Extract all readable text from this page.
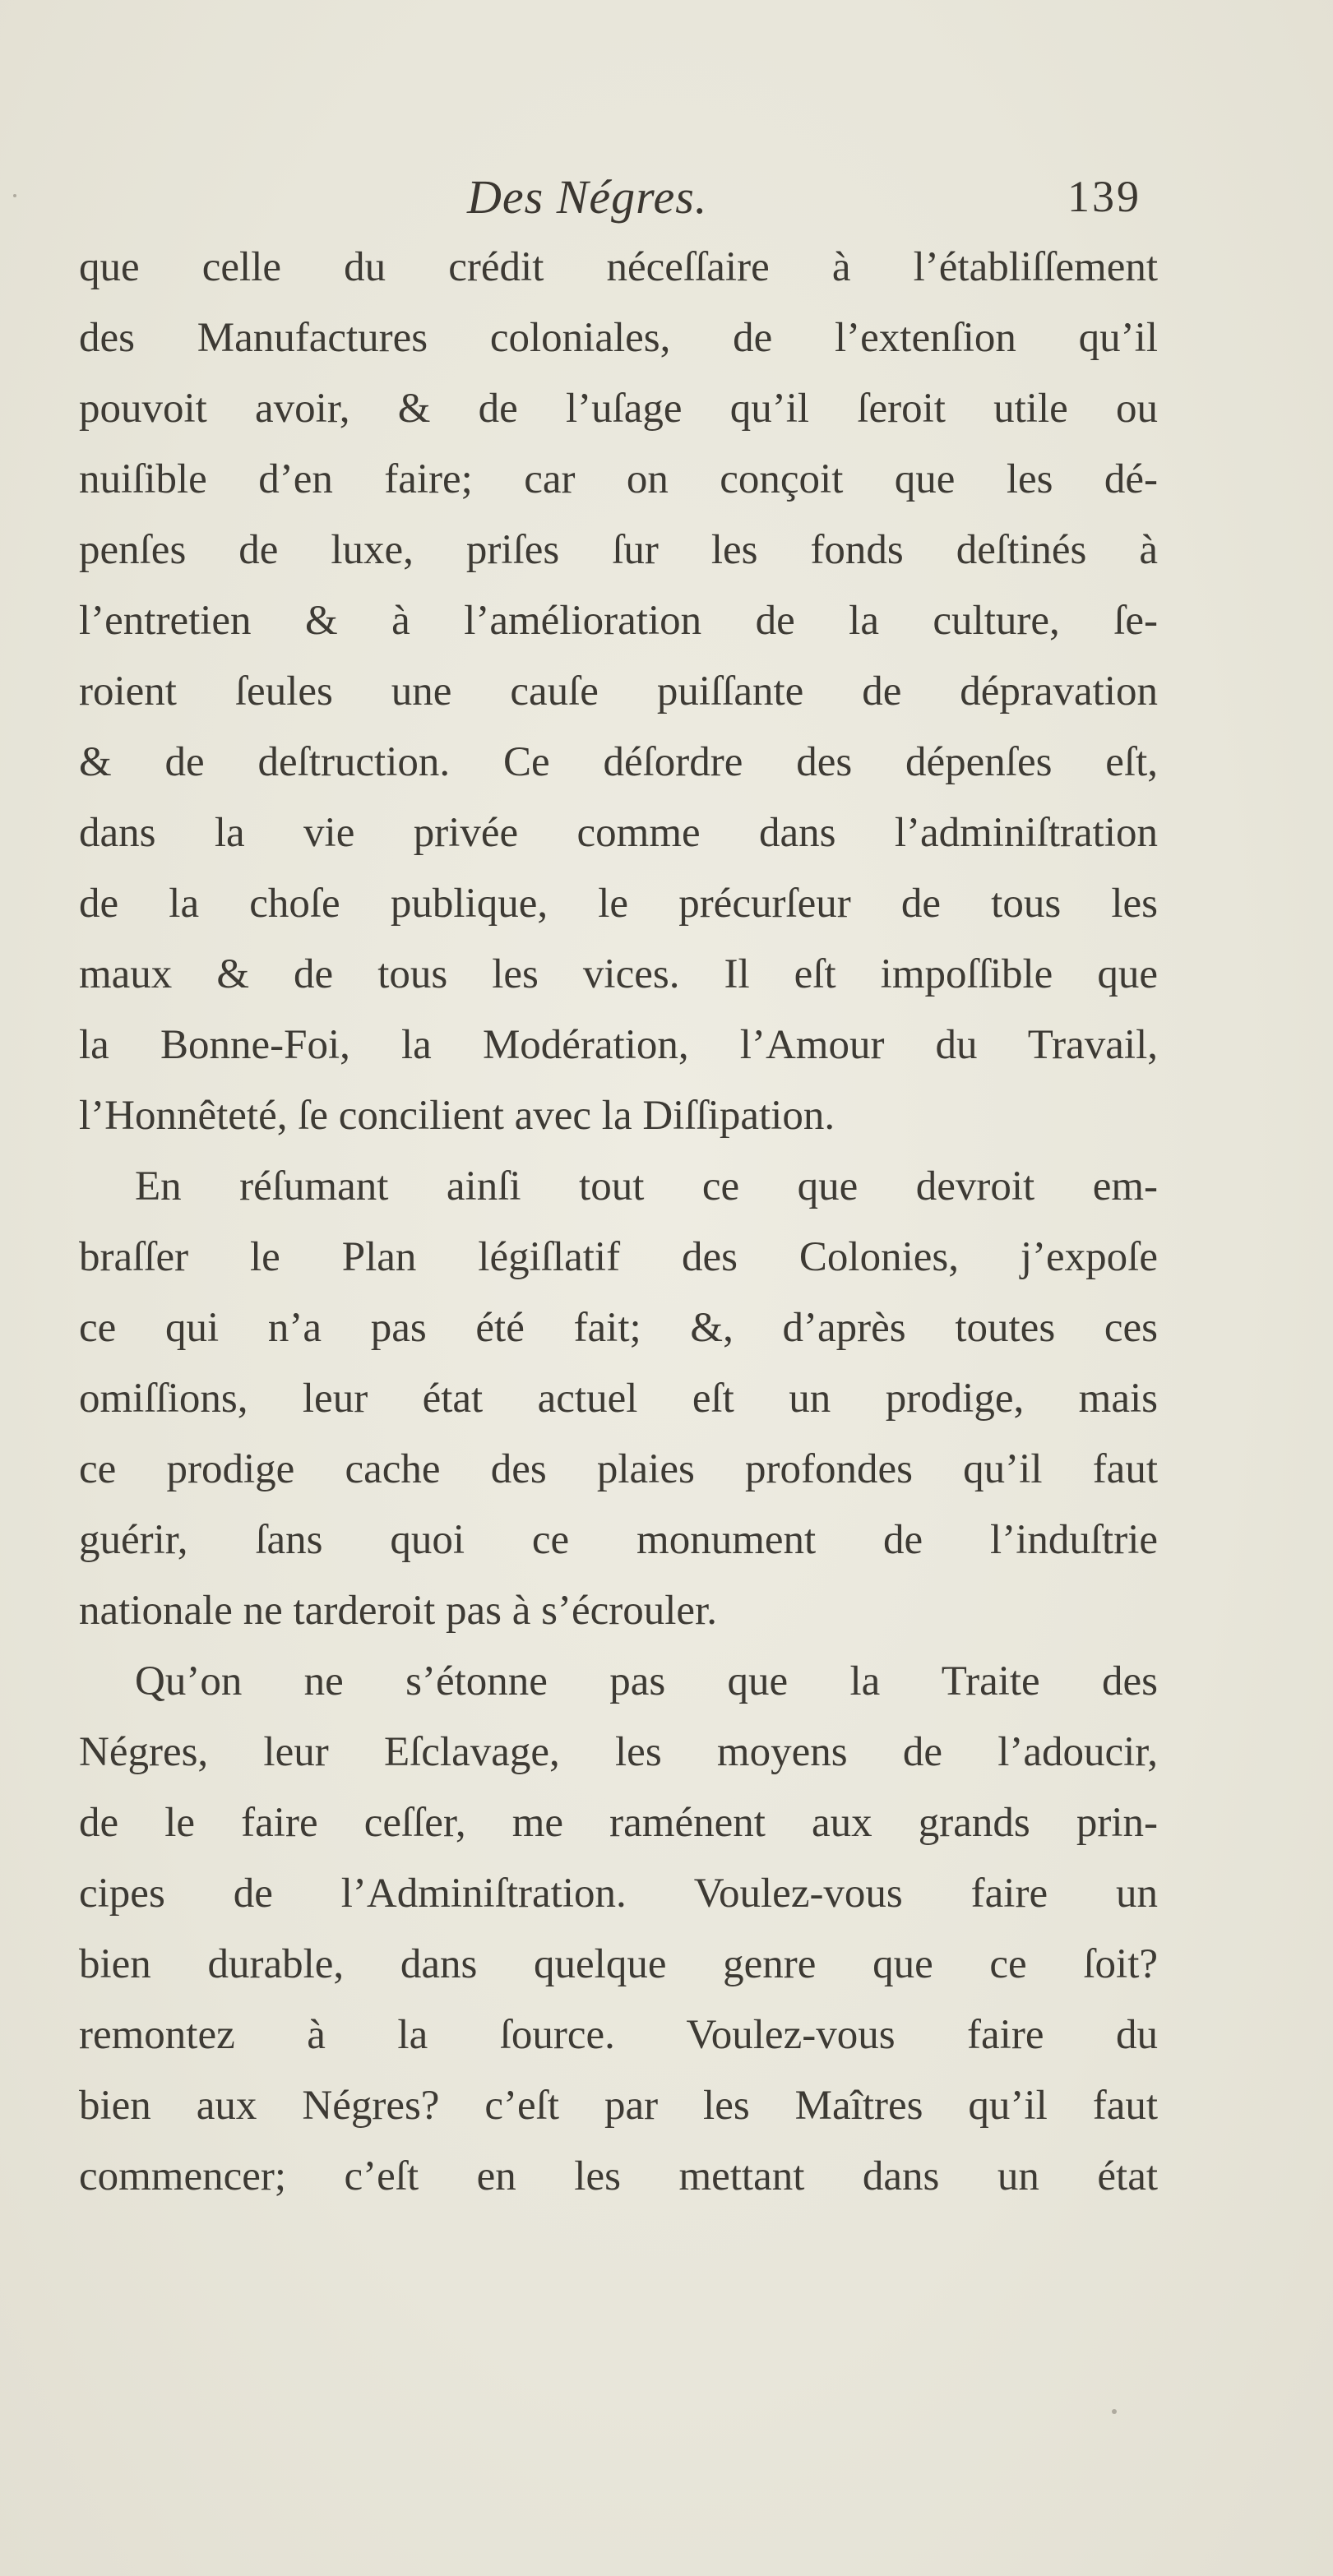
Des Négres.	139
que celle du crédit néceſſaire à l’établiſſement
des Manufactures coloniales, de l’extenſion qu’il
pouvoit avoir, & de l’uſage qu’il ſeroit utile ou
nuiſible d’en faire; car on conçoit que les dé-
penſes de luxe, priſes ſur les fonds deſtinés à
l’entretien & à l’amélioration de la culture, ſe-
roient ſeules une cauſe puiſſante de dépravation
& de deſtruction. Ce déſordre des dépenſes eſt,
dans la vie privée comme dans l’adminiſtration
de la choſe publique, le précurſeur de tous les
maux & de tous les vices. Il eſt impoſſible que
la Bonne-Foi, la Modération, l’Amour du Travail,
l’Honnêteté, ſe concilient avec la Diſſipation.
En réſumant ainſi tout ce que devroit em-
braſſer le Plan légiſlatif des Colonies, j’expoſe
ce qui n’a pas été fait; &, d’après toutes ces
omiſſions, leur état actuel eſt un prodige, mais
ce prodige cache des plaies profondes qu’il faut
guérir, ſans quoi ce monument de l’induſtrie
nationale ne tarderoit pas à s’écrouler.
Qu’on ne s’étonne pas que la Traite des
Négres, leur Eſclavage, les moyens de l’adoucir,
de le faire ceſſer, me raménent aux grands prin-
cipes de l’Adminiſtration. Voulez-vous faire un
bien durable, dans quelque genre que ce ſoit?
remontez à la ſource. Voulez-vous faire du
bien aux Négres? c’eſt par les Maîtres qu’il faut
commencer; c’eſt en les mettant dans un état
